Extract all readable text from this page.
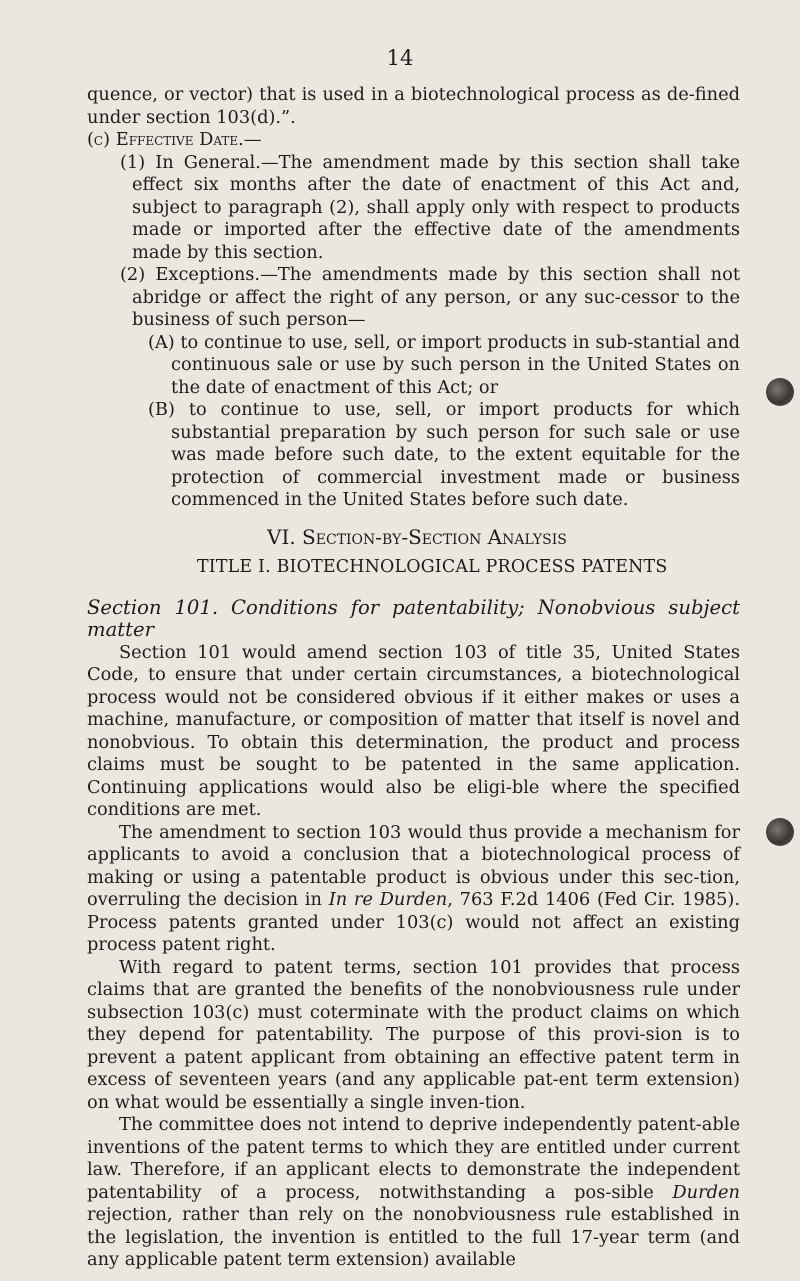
14

quence, or vector) that is used in a biotechnological process as de-fined under section 103(d).”.

(c) Effective Date.—

(1) In General.—The amendment made by this section shall take effect six months after the date of enactment of this Act and, subject to paragraph (2), shall apply only with respect to products made or imported after the effective date of the amendments made by this section.

(2) Exceptions.—The amendments made by this section shall not abridge or affect the right of any person, or any suc-cessor to the business of such person—

(A) to continue to use, sell, or import products in sub-stantial and continuous sale or use by such person in the United States on the date of enactment of this Act; or

(B) to continue to use, sell, or import products for which substantial preparation by such person for such sale or use was made before such date, to the extent equitable for the protection of commercial investment made or business commenced in the United States before such date.

VI. Section-by-Section Analysis

TITLE I. BIOTECHNOLOGICAL PROCESS PATENTS

Section 101. Conditions for patentability; Nonobvious subject matter

Section 101 would amend section 103 of title 35, United States Code, to ensure that under certain circumstances, a biotechnological process would not be considered obvious if it either makes or uses a machine, manufacture, or composition of matter that itself is novel and nonobvious. To obtain this determination, the product and process claims must be sought to be patented in the same application. Continuing applications would also be eligi-ble where the specified conditions are met.

The amendment to section 103 would thus provide a mechanism for applicants to avoid a conclusion that a biotechnological process of making or using a patentable product is obvious under this sec-tion, overruling the decision in In re Durden, 763 F.2d 1406 (Fed Cir. 1985). Process patents granted under 103(c) would not affect an existing process patent right.

With regard to patent terms, section 101 provides that process claims that are granted the benefits of the nonobviousness rule under subsection 103(c) must coterminate with the product claims on which they depend for patentability. The purpose of this provi-sion is to prevent a patent applicant from obtaining an effective patent term in excess of seventeen years (and any applicable pat-ent term extension) on what would be essentially a single inven-tion.

The committee does not intend to deprive independently patent-able inventions of the patent terms to which they are entitled under current law. Therefore, if an applicant elects to demonstrate the independent patentability of a process, notwithstanding a pos-sible Durden rejection, rather than rely on the nonobviousness rule established in the legislation, the invention is entitled to the full 17-year term (and any applicable patent term extension) available
